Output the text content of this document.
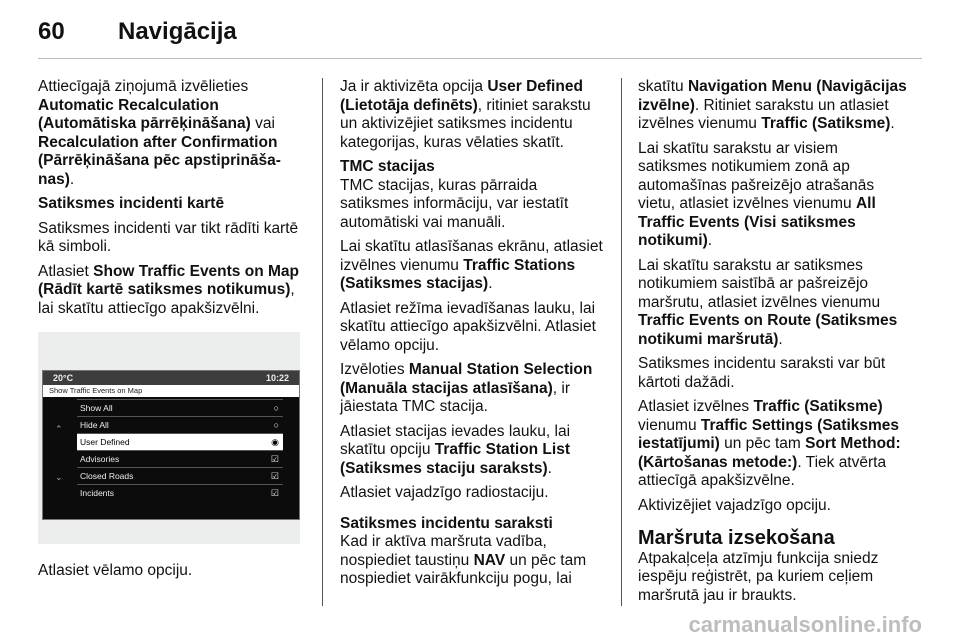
60 Navigācija

Attiecīgajā ziņojumā izvēlieties Automatic Recalculation (Automātiska pārrēķināšana) vai Recalculation after Confirmation (Pārrēķināšana pēc apstiprināša-nas).

Satiksmes incidenti kartē

Satiksmes incidenti var tikt rādīti kartē kā simboli.

Atlasiet Show Traffic Events on Map (Rādīt kartē satiksmes notikumus), lai skatītu attiecīgo apakšizvēlni.

20°C	10:22
Show Traffic Events on Map
⌃
⌄
Show All	○
Hide All	○
User Defined	◉
Advisories	☑
Closed Roads	☑
Incidents	☑

Atlasiet vēlamo opciju.

Ja ir aktivizēta opcija User Defined (Lietotāja definēts), ritiniet sarakstu un aktivizējiet satiksmes incidentu kategorijas, kuras vēlaties skatīt.

TMC stacijas

TMC stacijas, kuras pārraida satiksmes informāciju, var iestatīt automātiski vai manuāli.

Lai skatītu atlasīšanas ekrānu, atlasiet izvēlnes vienumu Traffic Stations (Satiksmes stacijas).

Atlasiet režīma ievadīšanas lauku, lai skatītu attiecīgo apakšizvēlni. Atlasiet vēlamo opciju.

Izvēloties Manual Station Selection (Manuāla stacijas atlasīšana), ir jāiestata TMC stacija.

Atlasiet stacijas ievades lauku, lai skatītu opciju Traffic Station List (Satiksmes staciju saraksts).

Atlasiet vajadzīgo radiostaciju.

Satiksmes incidentu saraksti

Kad ir aktīva maršruta vadība, nospiediet taustiņu NAV un pēc tam nospiediet vairākfunkciju pogu, lai

skatītu Navigation Menu (Navigācijas izvēlne). Ritiniet sarakstu un atlasiet izvēlnes vienumu Traffic (Satiksme).

Lai skatītu sarakstu ar visiem satiksmes notikumiem zonā ap automašīnas pašreizējo atrašanās vietu, atlasiet izvēlnes vienumu All Traffic Events (Visi satiksmes notikumi).

Lai skatītu sarakstu ar satiksmes notikumiem saistībā ar pašreizējo maršrutu, atlasiet izvēlnes vienumu Traffic Events on Route (Satiksmes notikumi maršrutā).

Satiksmes incidentu saraksti var būt kārtoti dažādi.

Atlasiet izvēlnes Traffic (Satiksme) vienumu Traffic Settings (Satiksmes iestatījumi) un pēc tam Sort Method: (Kārtošanas metode:). Tiek atvērta attiecīgā apakšizvēlne.

Aktivizējiet vajadzīgo opciju.

Maršruta izsekošana

Atpakaļceļa atzīmju funkcija sniedz iespēju reģistrēt, pa kuriem ceļiem maršrutā jau ir braukts.

carmanualsonline.info
